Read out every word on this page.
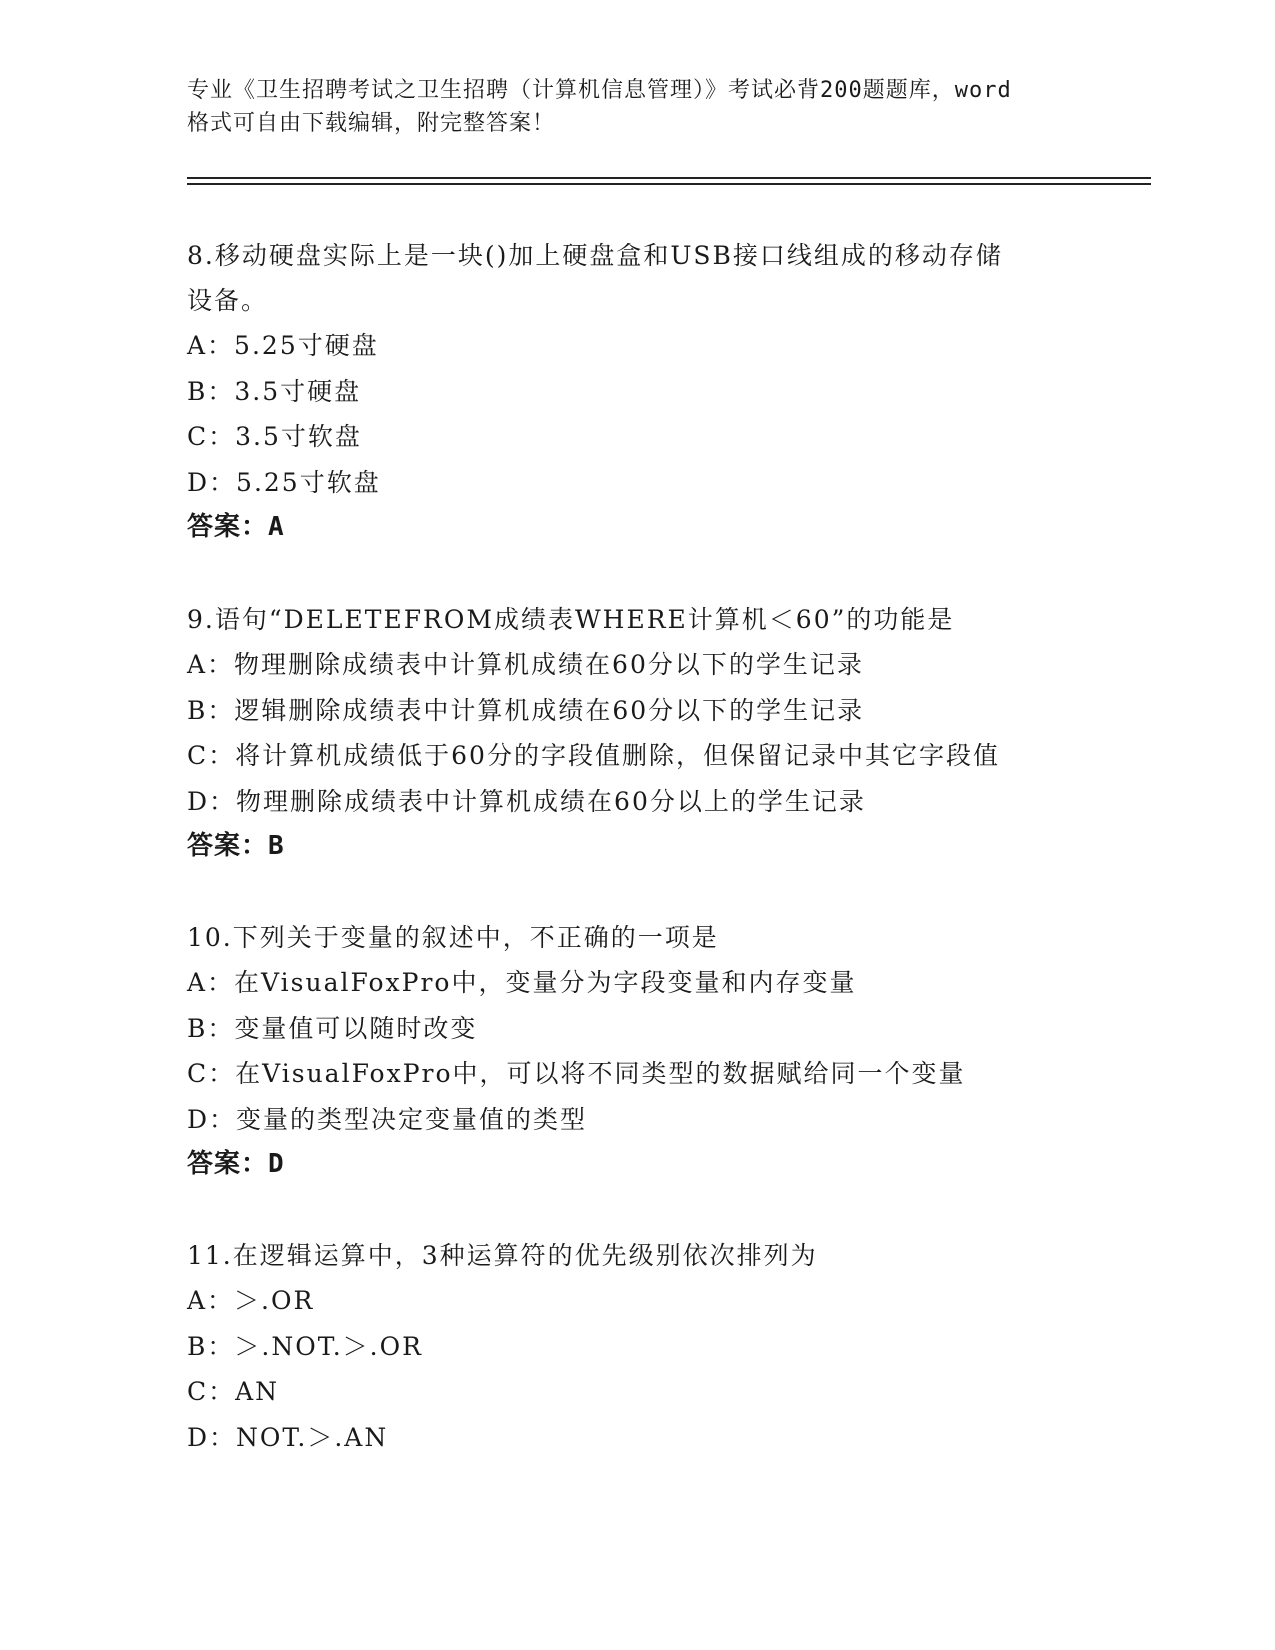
专业《卫生招聘考试之卫生招聘（计算机信息管理）》考试必背200题题库，word
格式可自由下载编辑，附完整答案！
8.移动硬盘实际上是一块()加上硬盘盒和USB接口线组成的移动存储
设备。
A：5.25寸硬盘
B：3.5寸硬盘
C：3.5寸软盘
D：5.25寸软盘
答案：A
9.语句“DELETEFROM成绩表WHERE计算机＜60”的功能是
A：物理删除成绩表中计算机成绩在60分以下的学生记录
B：逻辑删除成绩表中计算机成绩在60分以下的学生记录
C：将计算机成绩低于60分的字段值删除，但保留记录中其它字段值
D：物理删除成绩表中计算机成绩在60分以上的学生记录
答案：B
10.下列关于变量的叙述中，不正确的一项是
A：在VisualFoxPro中，变量分为字段变量和内存变量
B：变量值可以随时改变
C：在VisualFoxPro中，可以将不同类型的数据赋给同一个变量
D：变量的类型决定变量值的类型
答案：D
11.在逻辑运算中，3种运算符的优先级别依次排列为
A：＞.OR
B：＞.NOT.＞.OR
C：AN
D：NOT.＞.AN
